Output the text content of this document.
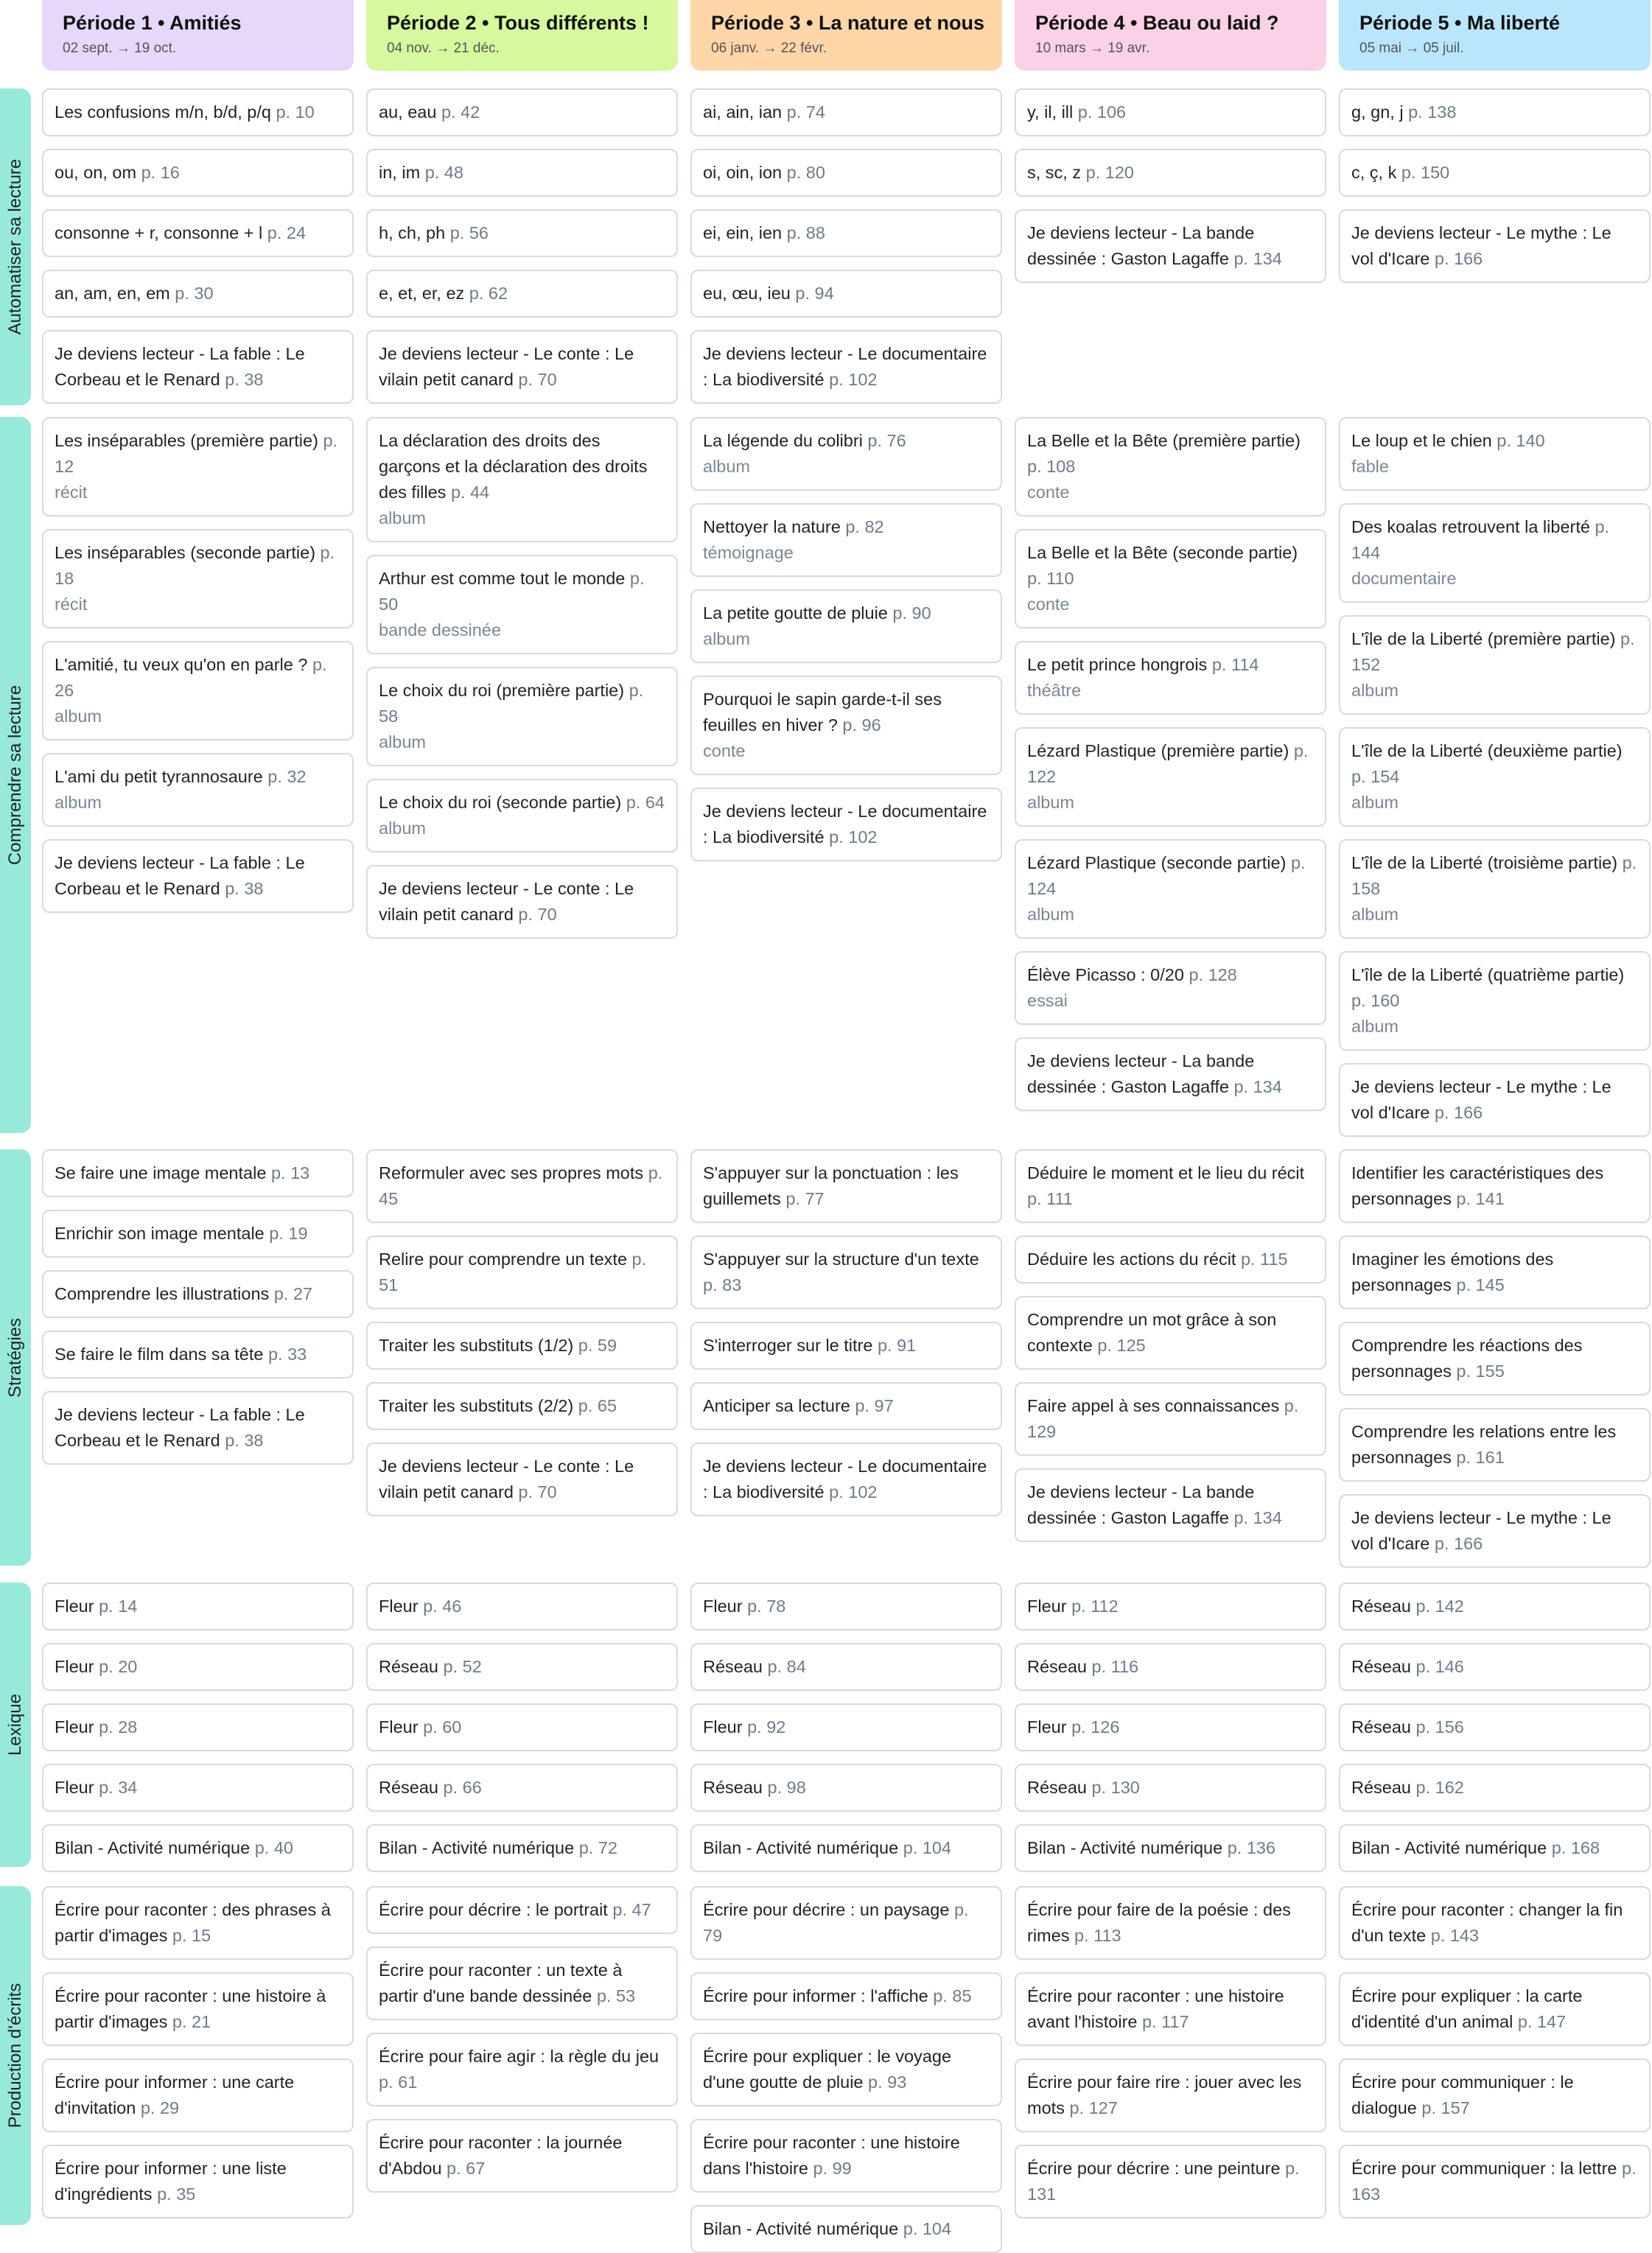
Période 1 • Amitiés
02 sept. → 19 oct.
Période 2 • Tous différents !
04 nov. → 21 déc.
Période 3 • La nature et nous
06 janv. → 22 févr.
Période 4 • Beau ou laid ?
10 mars → 19 avr.
Période 5 • Ma liberté
05 mai → 05 juil.
Automatiser sa lecture
Les confusions m/n, b/d, p/q p. 10
ou, on, om p. 16
consonne + r, consonne + l p. 24
an, am, en, em p. 30
Je deviens lecteur - La fable : Le Corbeau et le Renard p. 38
au, eau p. 42
in, im p. 48
h, ch, ph p. 56
e, et, er, ez p. 62
Je deviens lecteur - Le conte : Le vilain petit canard p. 70
ai, ain, ian p. 74
oi, oin, ion p. 80
ei, ein, ien p. 88
eu, œu, ieu p. 94
Je deviens lecteur - Le documentaire : La biodiversité p. 102
y, il, ill p. 106
s, sc, z p. 120
Je deviens lecteur - La bande dessinée : Gaston Lagaffe p. 134
g, gn, j p. 138
c, ç, k p. 150
Je deviens lecteur - Le mythe : Le vol d'Icare p. 166
Comprendre sa lecture
Les inséparables (première partie) p. 12
récit
Les inséparables (seconde partie) p. 18
récit
L'amitié, tu veux qu'on en parle ? p. 26
album
L'ami du petit tyrannosaure p. 32
album
Je deviens lecteur - La fable : Le Corbeau et le Renard p. 38
La déclaration des droits des garçons et la déclaration des droits des filles p. 44
album
Arthur est comme tout le monde p. 50
bande dessinée
Le choix du roi (première partie) p. 58
album
Le choix du roi (seconde partie) p. 64
album
Je deviens lecteur - Le conte : Le vilain petit canard p. 70
La légende du colibri p. 76
album
Nettoyer la nature p. 82
témoignage
La petite goutte de pluie p. 90
album
Pourquoi le sapin garde-t-il ses feuilles en hiver ? p. 96
conte
Je deviens lecteur - Le documentaire : La biodiversité p. 102
La Belle et la Bête (première partie) p. 108
conte
La Belle et la Bête (seconde partie) p. 110
conte
Le petit prince hongrois p. 114
théâtre
Lézard Plastique (première partie) p. 122
album
Lézard Plastique (seconde partie) p. 124
album
Élève Picasso : 0/20 p. 128
essai
Je deviens lecteur - La bande dessinée : Gaston Lagaffe p. 134
Le loup et le chien p. 140
fable
Des koalas retrouvent la liberté p. 144
documentaire
L'île de la Liberté (première partie) p. 152
album
L'île de la Liberté (deuxième partie) p. 154
album
L'île de la Liberté (troisième partie) p. 158
album
L'île de la Liberté (quatrième partie) p. 160
album
Je deviens lecteur - Le mythe : Le vol d'Icare p. 166
Stratégies
Se faire une image mentale p. 13
Enrichir son image mentale p. 19
Comprendre les illustrations p. 27
Se faire le film dans sa tête p. 33
Je deviens lecteur - La fable : Le Corbeau et le Renard p. 38
Reformuler avec ses propres mots p. 45
Relire pour comprendre un texte p. 51
Traiter les substituts (1/2) p. 59
Traiter les substituts (2/2) p. 65
Je deviens lecteur - Le conte : Le vilain petit canard p. 70
S'appuyer sur la ponctuation : les guillemets p. 77
S'appuyer sur la structure d'un texte p. 83
S'interroger sur le titre p. 91
Anticiper sa lecture p. 97
Je deviens lecteur - Le documentaire : La biodiversité p. 102
Déduire le moment et le lieu du récit p. 111
Déduire les actions du récit p. 115
Comprendre un mot grâce à son contexte p. 125
Faire appel à ses connaissances p. 129
Je deviens lecteur - La bande dessinée : Gaston Lagaffe p. 134
Identifier les caractéristiques des personnages p. 141
Imaginer les émotions des personnages p. 145
Comprendre les réactions des personnages p. 155
Comprendre les relations entre les personnages p. 161
Je deviens lecteur - Le mythe : Le vol d'Icare p. 166
Lexique
Fleur p. 14
Fleur p. 20
Fleur p. 28
Fleur p. 34
Bilan - Activité numérique p. 40
Fleur p. 46
Réseau p. 52
Fleur p. 60
Réseau p. 66
Bilan - Activité numérique p. 72
Fleur p. 78
Réseau p. 84
Fleur p. 92
Réseau p. 98
Bilan - Activité numérique p. 104
Fleur p. 112
Réseau p. 116
Fleur p. 126
Réseau p. 130
Bilan - Activité numérique p. 136
Réseau p. 142
Réseau p. 146
Réseau p. 156
Réseau p. 162
Bilan - Activité numérique p. 168
Production d'écrits
Écrire pour raconter : des phrases à partir d'images p. 15
Écrire pour raconter : une histoire à partir d'images p. 21
Écrire pour informer : une carte d'invitation p. 29
Écrire pour informer : une liste d'ingrédients p. 35
Écrire pour décrire : le portrait p. 47
Écrire pour raconter : un texte à partir d'une bande dessinée p. 53
Écrire pour faire agir : la règle du jeu p. 61
Écrire pour raconter : la journée d'Abdou p. 67
Écrire pour décrire : un paysage p. 79
Écrire pour informer : l'affiche p. 85
Écrire pour expliquer : le voyage d'une goutte de pluie p. 93
Écrire pour raconter : une histoire dans l'histoire p. 99
Bilan - Activité numérique p. 104
Écrire pour faire de la poésie : des rimes p. 113
Écrire pour raconter : une histoire avant l'histoire p. 117
Écrire pour faire rire : jouer avec les mots p. 127
Écrire pour décrire : une peinture p. 131
Écrire pour raconter : changer la fin d'un texte p. 143
Écrire pour expliquer : la carte d'identité d'un animal p. 147
Écrire pour communiquer : le dialogue p. 157
Écrire pour communiquer : la lettre p. 163
